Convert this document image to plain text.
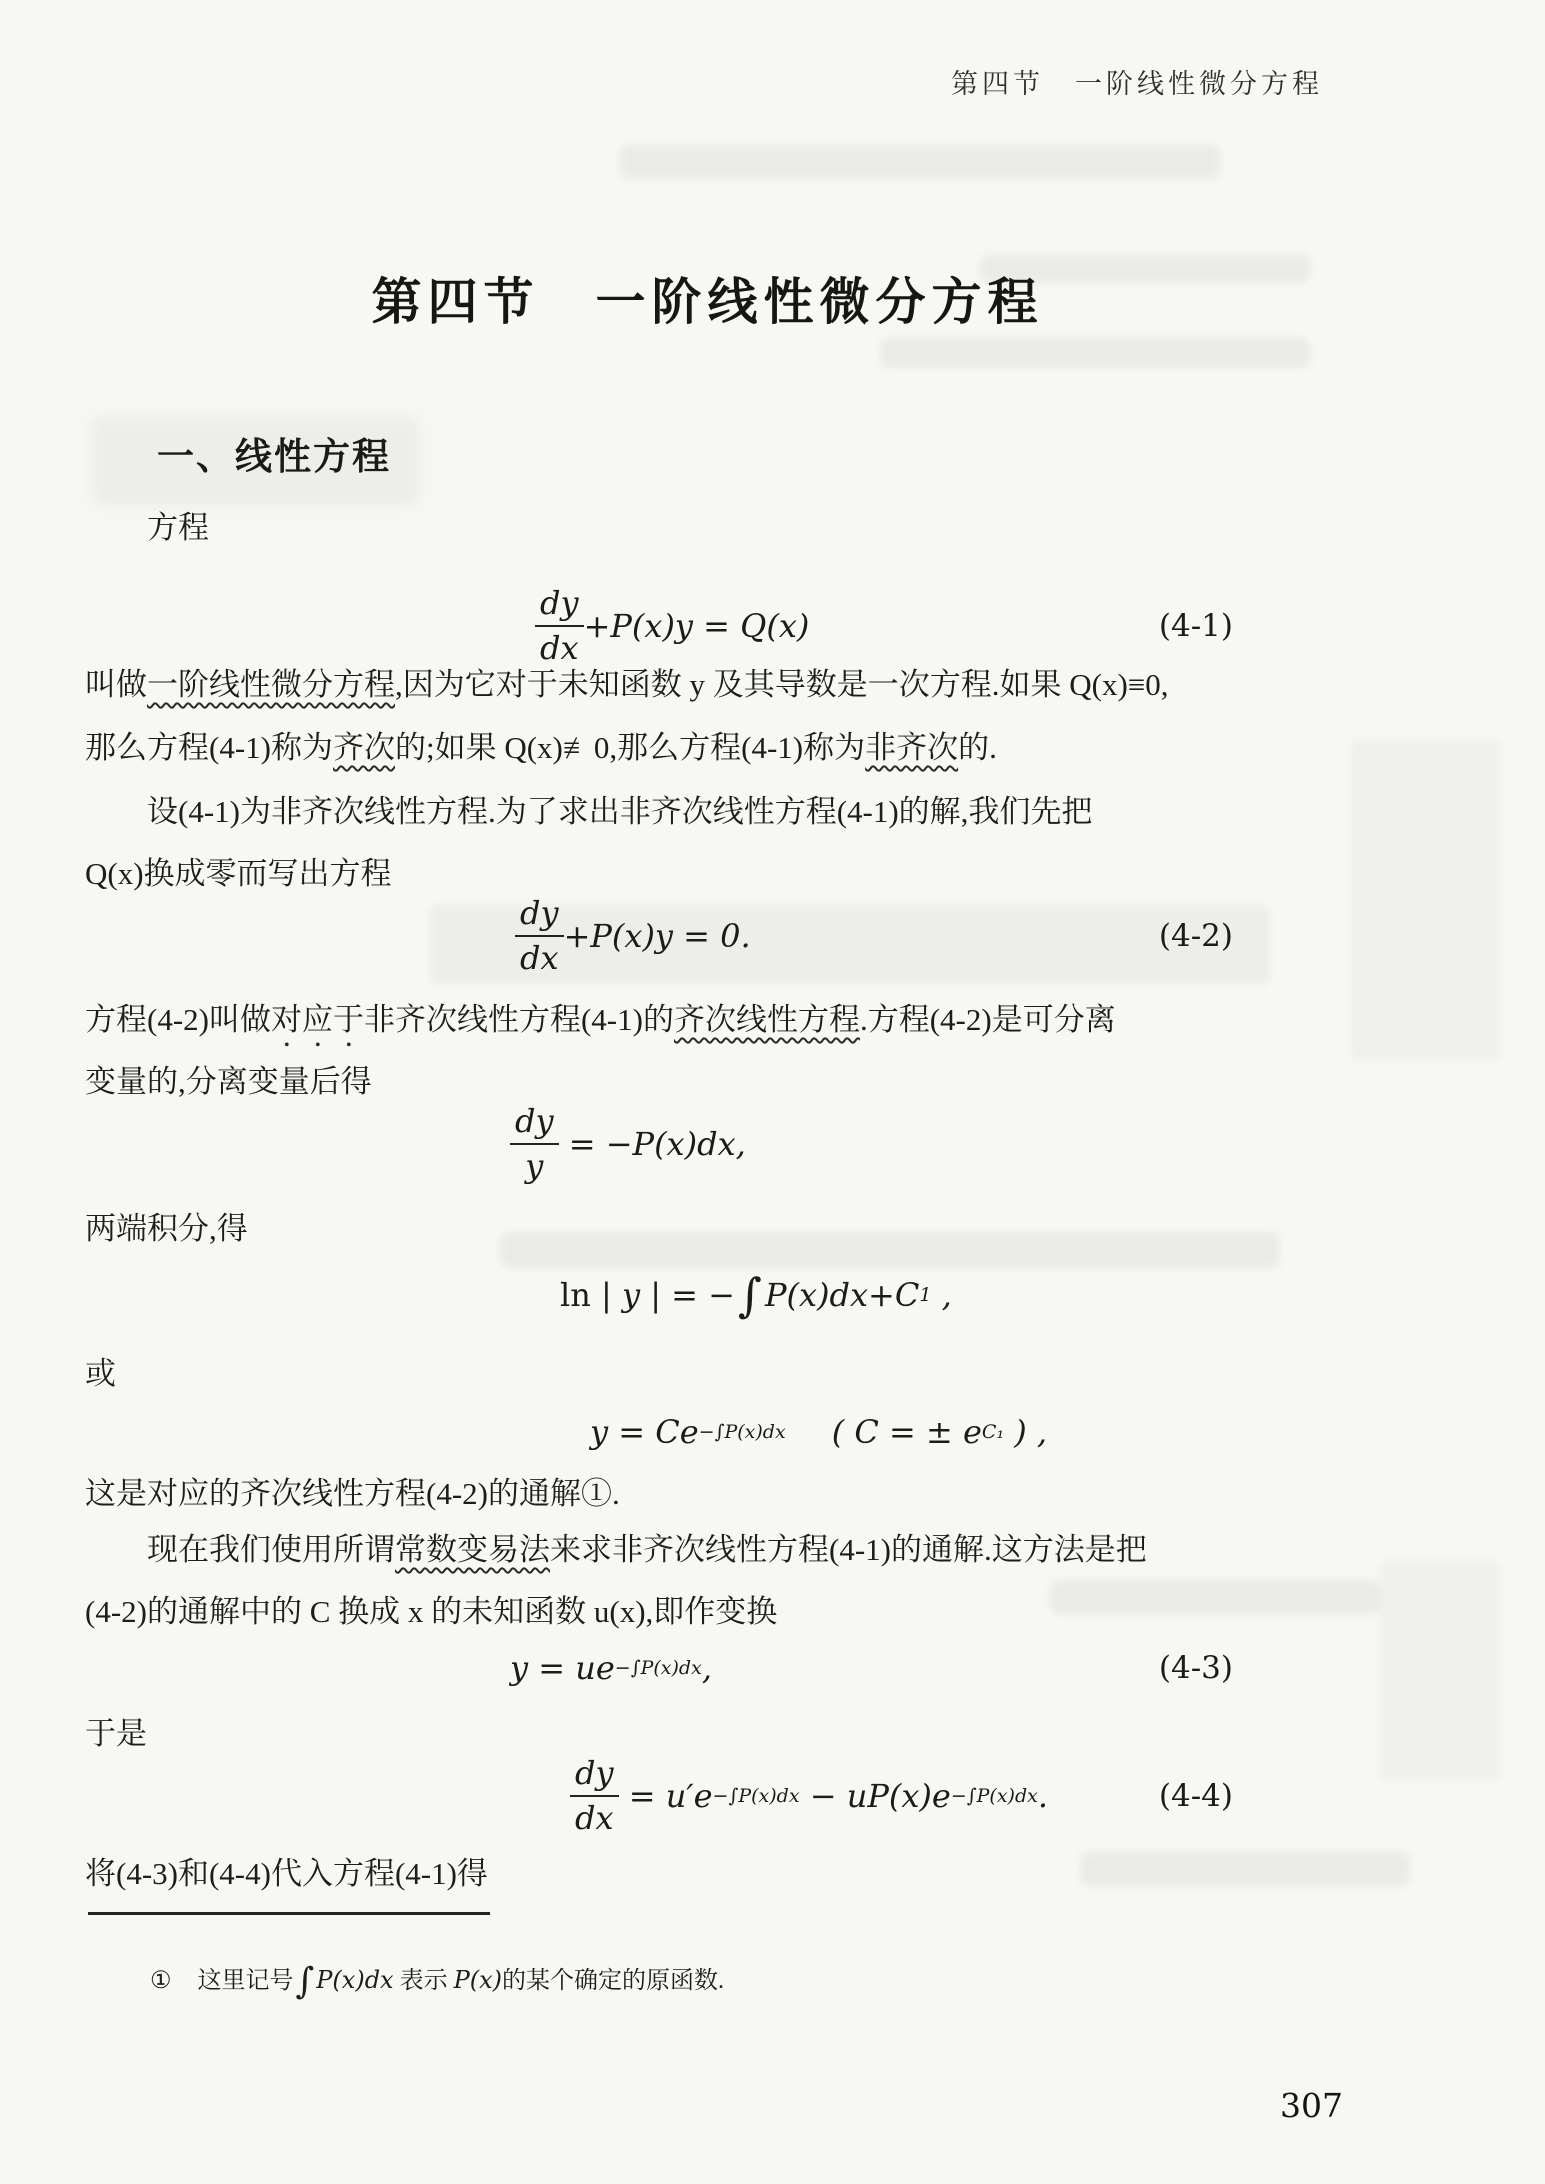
第四节　一阶线性微分方程
第四节　一阶线性微分方程
一、线性方程
方程
$\frac{dy}{dx} +P(x)y = Q(x)$	(4-1)
叫做一阶线性微分方程,因为它对于未知函数 y 及其导数是一次方程.如果 Q(x)≡0,
那么方程(4-1)称为齐次的;如果 Q(x)≢0,那么方程(4-1)称为非齐次的.
设(4-1)为非齐次线性方程.为了求出非齐次线性方程(4-1)的解,我们先把
Q(x)换成零而写出方程
$\frac{dy}{dx} +P(x)y = 0$.	(4-2)
方程(4-2)叫做对应于非齐次线性方程(4-1)的齐次线性方程.方程(4-2)是可分离
变量的,分离变量后得
$\frac{dy}{y} = -P(x)dx$,
两端积分,得
ln | y | = − ∫ P(x)dx+C 1 ,
或
y = Ce −∫P(x)dx ( C = ± e C₁ ) ,
这是对应的齐次线性方程(4-2)的通解①.
现在我们使用所谓常数变易法来求非齐次线性方程(4-1)的通解.这方法是把
(4-2)的通解中的 C 换成 x 的未知函数 u(x),即作变换
y = ue −∫P(x)dx ,	(4-3)
于是
$\frac{dy}{dx} = u'e -\int P(x)dx - uP(x)e -\int P(x)dx$ .	(4-4)
将(4-3)和(4-4)代入方程(4-1)得
① 这里记号∫P(x)dx 表示 P(x)的某个确定的原函数.
307
